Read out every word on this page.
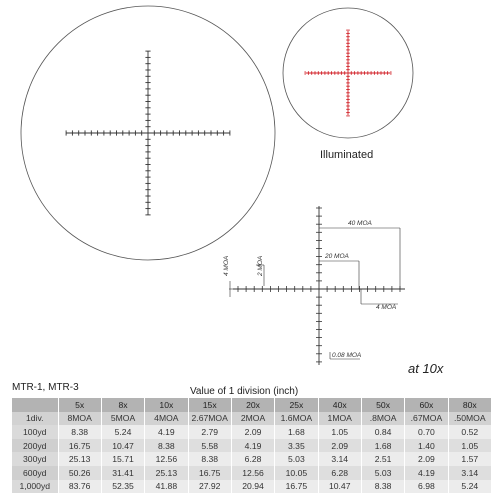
40 MOA
20 MOA
2 MOA
4 MOA
4 MOA
0.08 MOA
Illuminated
at 10x
MTR-1, MTR-3	Value of 1 division (inch)
	5x	8x	10x	15x	20x	25x	40x	50x	60x	80x
1div.	8MOA	5MOA	4MOA	2.67MOA	2MOA	1.6MOA	1MOA	.8MOA	.67MOA	.50MOA
100yd	8.38	5.24	4.19	2.79	2.09	1.68	1.05	0.84	0.70	0.52
200yd	16.75	10.47	8.38	5.58	4.19	3.35	2.09	1.68	1.40	1.05
300yd	25.13	15.71	12.56	8.38	6.28	5.03	3.14	2.51	2.09	1.57
600yd	50.26	31.41	25.13	16.75	12.56	10.05	6.28	5.03	4.19	3.14
1,000yd	83.76	52.35	41.88	27.92	20.94	16.75	10.47	8.38	6.98	5.24
